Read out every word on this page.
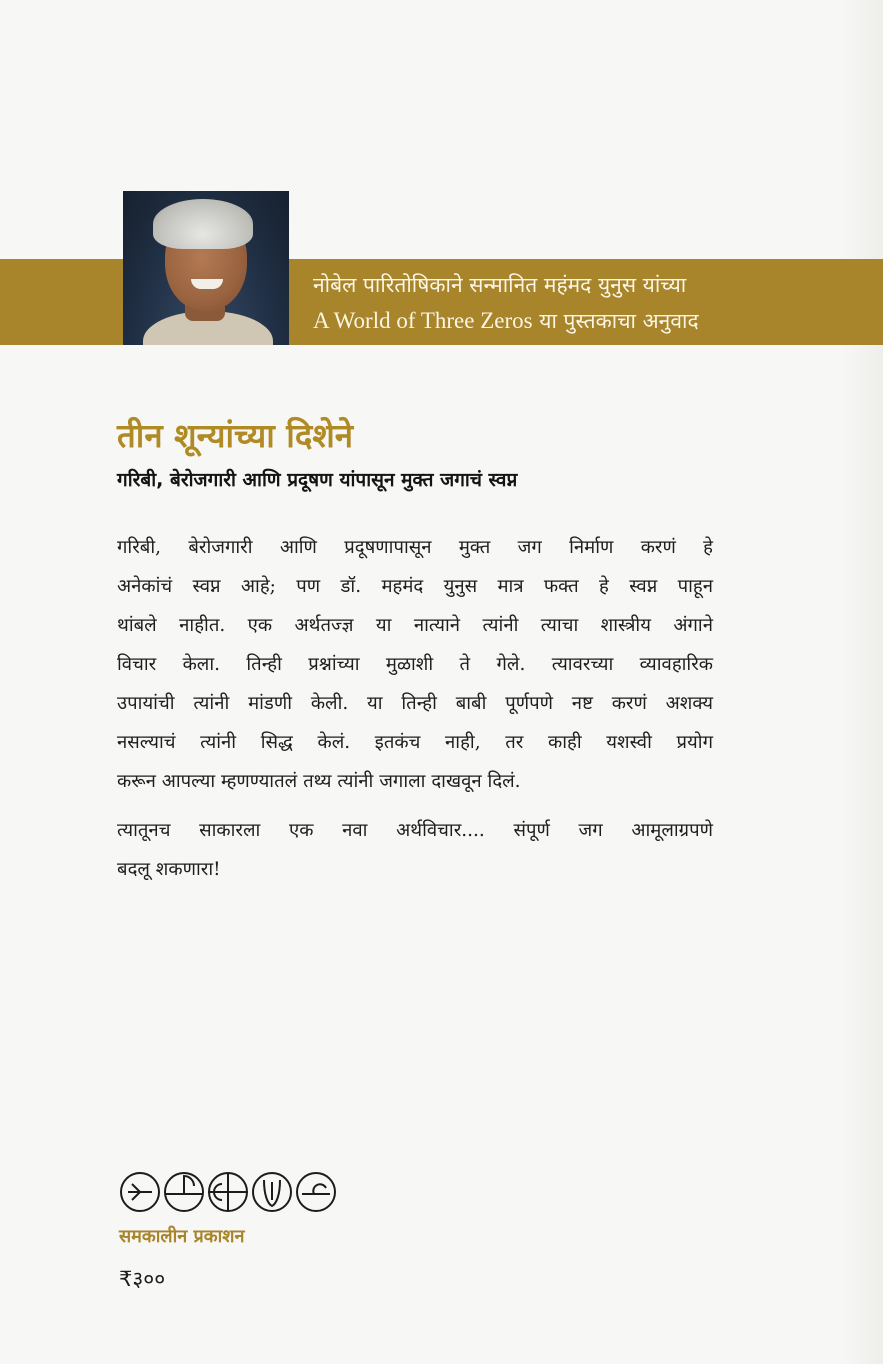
नोबेल पारितोषिकाने सन्मानित महंमद युनुस यांच्या
A World of Three Zeros या पुस्तकाचा अनुवाद
तीन शून्यांच्या दिशेने
गरिबी, बेरोजगारी आणि प्रदूषण यांपासून मुक्त जगाचं स्वप्न
गरिबी, बेरोजगारी आणि प्रदूषणापासून मुक्त जग निर्माण करणं हे
अनेकांचं स्वप्न आहे; पण डॉ. महमंद युनुस मात्र फक्त हे स्वप्न पाहून
थांबले नाहीत. एक अर्थतज्ज्ञ या नात्याने त्यांनी त्याचा शास्त्रीय अंगाने
विचार केला. तिन्ही प्रश्नांच्या मुळाशी ते गेले. त्यावरच्या व्यावहारिक
उपायांची त्यांनी मांडणी केली. या तिन्ही बाबी पूर्णपणे नष्ट करणं अशक्य
नसल्याचं त्यांनी सिद्ध केलं. इतकंच नाही, तर काही यशस्वी प्रयोग
करून आपल्या म्हणण्यातलं तथ्य त्यांनी जगाला दाखवून दिलं.
त्यातूनच साकारला एक नवा अर्थविचार.... संपूर्ण जग आमूलाग्रपणे
बदलू शकणारा!
समकालीन प्रकाशन
₹३००
